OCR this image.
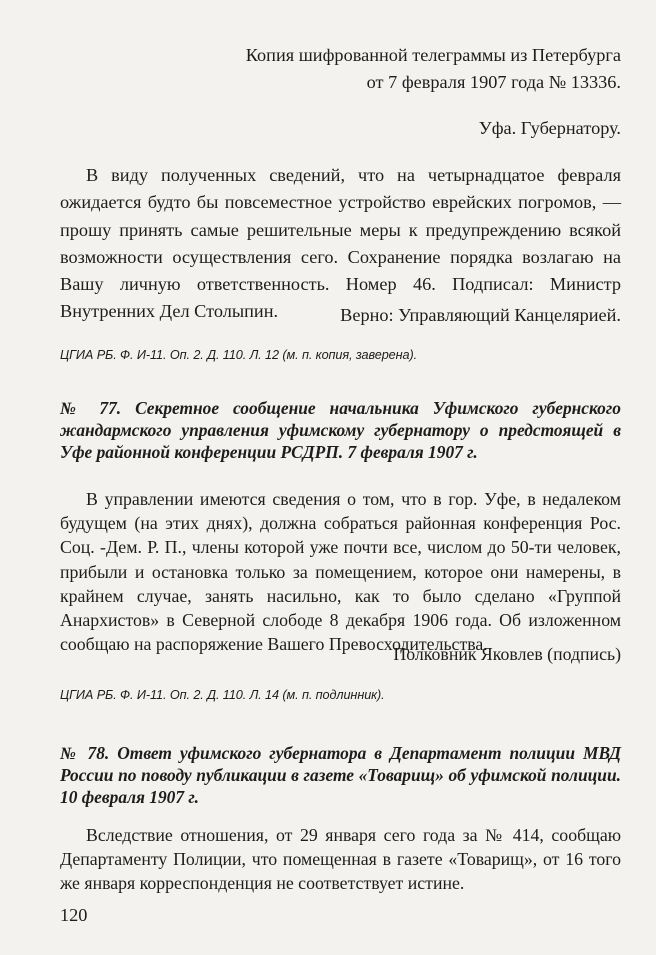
Копия шифрованной телеграммы из Петербурга
от 7 февраля 1907 года № 13336.

Уфа. Губернатору.

В виду полученных сведений, что на четырнадцатое февраля ожидается будто бы повсеместное устройство еврейских погромов, — прошу принять самые решительные меры к предупреждению всякой возможности осуществления сего. Сохранение порядка возлагаю на Вашу личную ответственность. Номер 46. Подписал: Министр Внутренних Дел Столыпин.	Верно: Управляющий Канцелярией.

ЦГИА РБ. Ф. И-11. Оп. 2. Д. 110. Л. 12 (м. п. копия, заверена).

№ 77. Секретное сообщение начальника Уфимского губернского жандармского управления уфимскому губернатору о предстоящей в Уфе районной конференции РСДРП. 7 февраля 1907 г.

В управлении имеются сведения о том, что в гор. Уфе, в недалеком будущем (на этих днях), должна собраться районная конференция Рос. Соц. -Дем. Р. П., члены которой уже почти все, числом до 50-ти человек, прибыли и остановка только за помещением, которое они намерены, в крайнем случае, занять насильно, как то было сделано «Группой Анархистов» в Северной слободе 8 декабря 1906 года. Об изложенном сообщаю на распоряжение Вашего Превосходительства.

Полковник Яковлев (подпись)

ЦГИА РБ. Ф. И-11. Оп. 2. Д. 110. Л. 14 (м. п. подлинник).

№ 78. Ответ уфимского губернатора в Департамент полиции МВД России по поводу публикации в газете «Товарищ» об уфимской полиции. 10 февраля 1907 г.

Вследствие отношения, от 29 января сего года за № 414, сообщаю Департаменту Полиции, что помещенная в газете «Товарищ», от 16 того же января корреспонденция не соответствует истине.

120
